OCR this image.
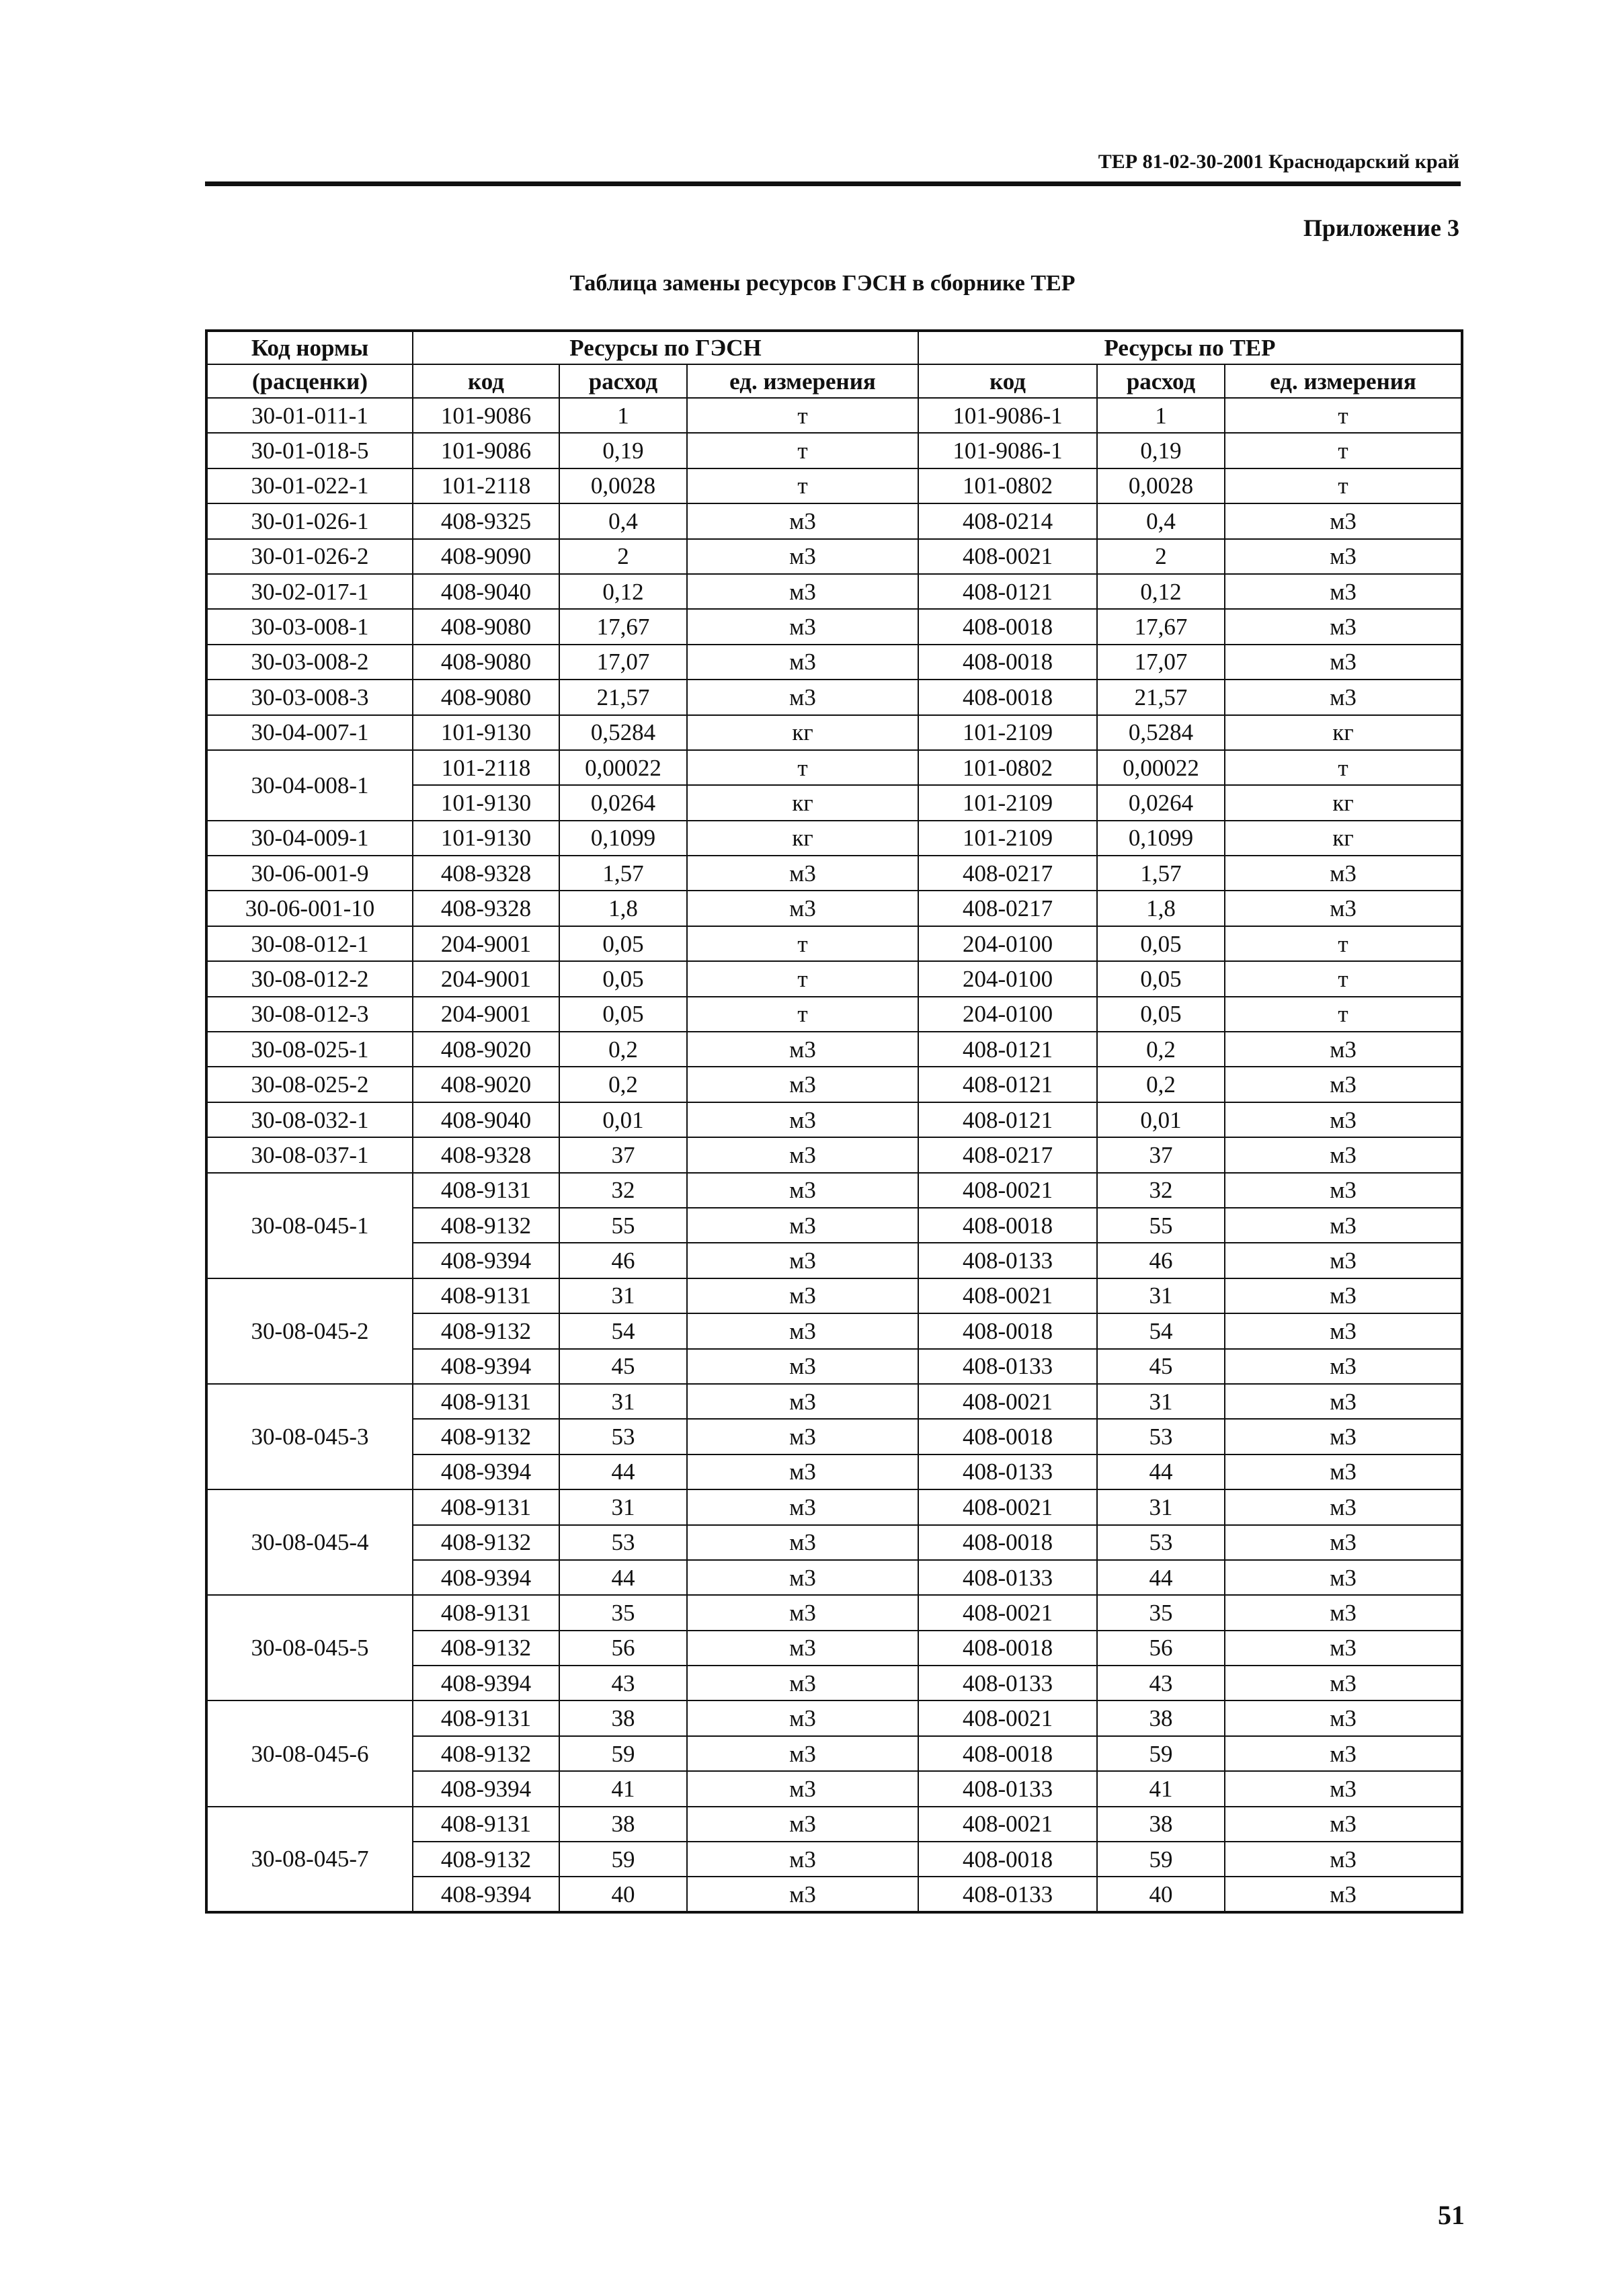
ТЕР 81-02-30-2001 Краснодарский край
Приложение 3
Таблица замены ресурсов ГЭСН в сборнике ТЕР
Код нормы	Ресурсы по ГЭСН			Ресурсы по ТЕР		
(расценки)	код	расход	ед. измерения	код	расход	ед. измерения
30-01-011-1	101-9086	1	т	101-9086-1	1	т
30-01-018-5	101-9086	0,19	т	101-9086-1	0,19	т
30-01-022-1	101-2118	0,0028	т	101-0802	0,0028	т
30-01-026-1	408-9325	0,4	м3	408-0214	0,4	м3
30-01-026-2	408-9090	2	м3	408-0021	2	м3
30-02-017-1	408-9040	0,12	м3	408-0121	0,12	м3
30-03-008-1	408-9080	17,67	м3	408-0018	17,67	м3
30-03-008-2	408-9080	17,07	м3	408-0018	17,07	м3
30-03-008-3	408-9080	21,57	м3	408-0018	21,57	м3
30-04-007-1	101-9130	0,5284	кг	101-2109	0,5284	кг
30-04-008-1	101-2118	0,00022	т	101-0802	0,00022	т
	101-9130	0,0264	кг	101-2109	0,0264	кг
30-04-009-1	101-9130	0,1099	кг	101-2109	0,1099	кг
30-06-001-9	408-9328	1,57	м3	408-0217	1,57	м3
30-06-001-10	408-9328	1,8	м3	408-0217	1,8	м3
30-08-012-1	204-9001	0,05	т	204-0100	0,05	т
30-08-012-2	204-9001	0,05	т	204-0100	0,05	т
30-08-012-3	204-9001	0,05	т	204-0100	0,05	т
30-08-025-1	408-9020	0,2	м3	408-0121	0,2	м3
30-08-025-2	408-9020	0,2	м3	408-0121	0,2	м3
30-08-032-1	408-9040	0,01	м3	408-0121	0,01	м3
30-08-037-1	408-9328	37	м3	408-0217	37	м3
30-08-045-1	408-9131	32	м3	408-0021	32	м3
	408-9132	55	м3	408-0018	55	м3
	408-9394	46	м3	408-0133	46	м3
30-08-045-2	408-9131	31	м3	408-0021	31	м3
	408-9132	54	м3	408-0018	54	м3
	408-9394	45	м3	408-0133	45	м3
30-08-045-3	408-9131	31	м3	408-0021	31	м3
	408-9132	53	м3	408-0018	53	м3
	408-9394	44	м3	408-0133	44	м3
30-08-045-4	408-9131	31	м3	408-0021	31	м3
	408-9132	53	м3	408-0018	53	м3
	408-9394	44	м3	408-0133	44	м3
30-08-045-5	408-9131	35	м3	408-0021	35	м3
	408-9132	56	м3	408-0018	56	м3
	408-9394	43	м3	408-0133	43	м3
30-08-045-6	408-9131	38	м3	408-0021	38	м3
	408-9132	59	м3	408-0018	59	м3
	408-9394	41	м3	408-0133	41	м3
30-08-045-7	408-9131	38	м3	408-0021	38	м3
	408-9132	59	м3	408-0018	59	м3
	408-9394	40	м3	408-0133	40	м3
51
